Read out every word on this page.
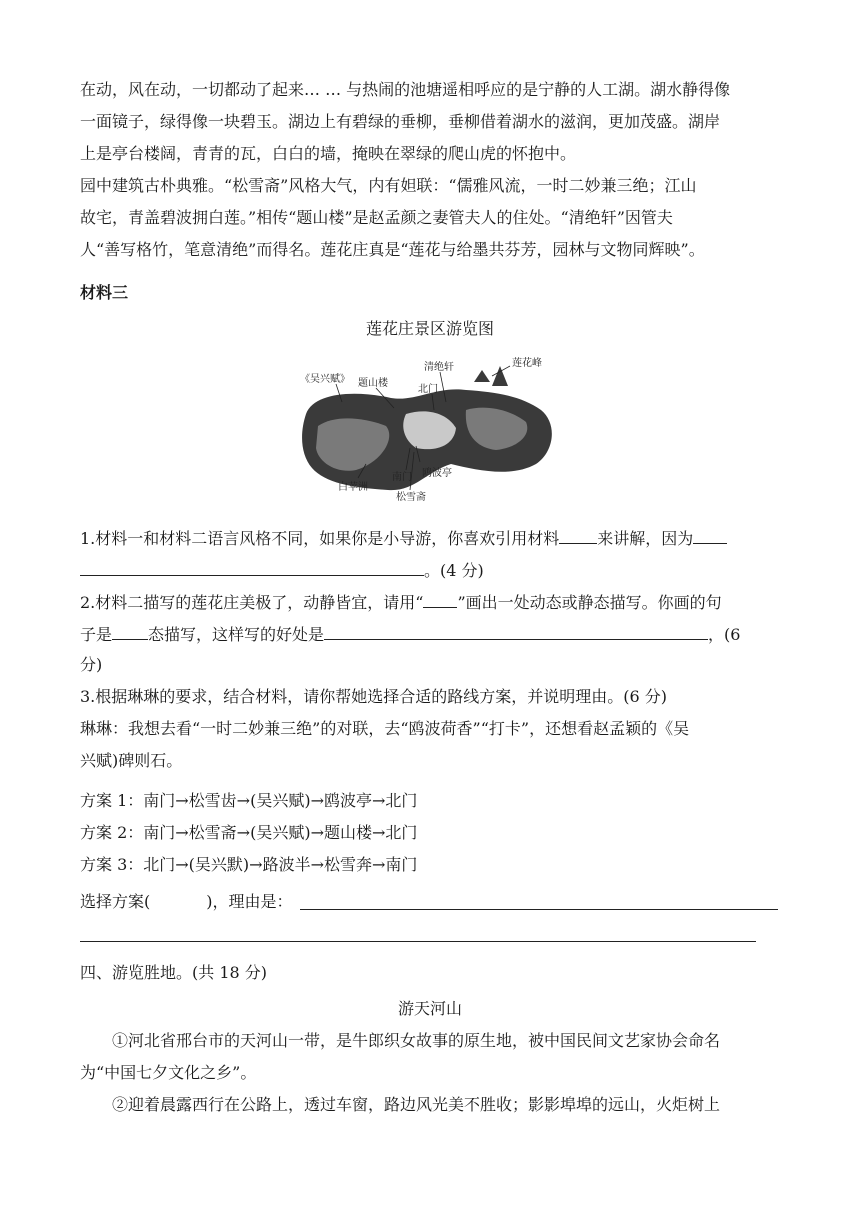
在动，风在动，一切都动了起来… … 与热闹的池塘遥相呼应的是宁静的人工湖。湖水静得像
一面镜子，绿得像一块碧玉。湖边上有碧绿的垂柳，垂柳借着湖水的滋润，更加茂盛。湖岸
上是亭台楼阔，青青的瓦，白白的墙，掩映在翠绿的爬山虎的怀抱中。
园中建筑古朴典雅。“松雪斋”风格大气，内有妲联：“儒雅风流，一时二妙兼三绝；江山
故宅，青盖碧波拥白莲。”相传“题山楼”是赵孟颜之妻管夫人的住处。“清绝轩”因管夫
人“善写格竹，笔意清绝”而得名。莲花庄真是“莲花与给墨共芬芳，园林与文物同辉映”。
材料三
莲花庄景区游览图
《吴兴赋》 题山楼
清绝轩
北门
莲花峰
白苹洲
南门 鸥波亭
松雪斋
1.材料一和材料二语言风格不同，如果你是小导游，你喜欢引用材料 来讲解，因为
。(4 分)
2.材料二描写的莲花庄美极了，动静皆宜，请用“ ”画出一处动态或静态描写。你画的句
子是 态描写，这样写的好处是	，(6
分)
3.根据琳琳的要求，结合材料，请你帮她选择合适的路线方案，并说明理由。(6 分)
琳琳：我想去看“一时二妙兼三绝”的对联，去“鸥波荷香”“打卡”，还想看赵孟颖的《吴
兴赋)碑则石。
方案 1：南门→松雪齿→(吴兴赋)→鸥波亭→北门
方案 2：南门→松雪斋→(吴兴赋)→题山楼→北门
方案 3：北门→(吴兴默)→路波半→松雪奔→南门
选择方案(	)，理由是：
四、游览胜地。(共 18 分)
游天河山
①河北省邢台市的天河山一带，是牛郎织女故事的原生地，被中国民间文艺家协会命名
为“中国七夕文化之乡”。
②迎着晨露西行在公路上，透过车窗，路边风光美不胜收；影影埠埠的远山，火炬树上
